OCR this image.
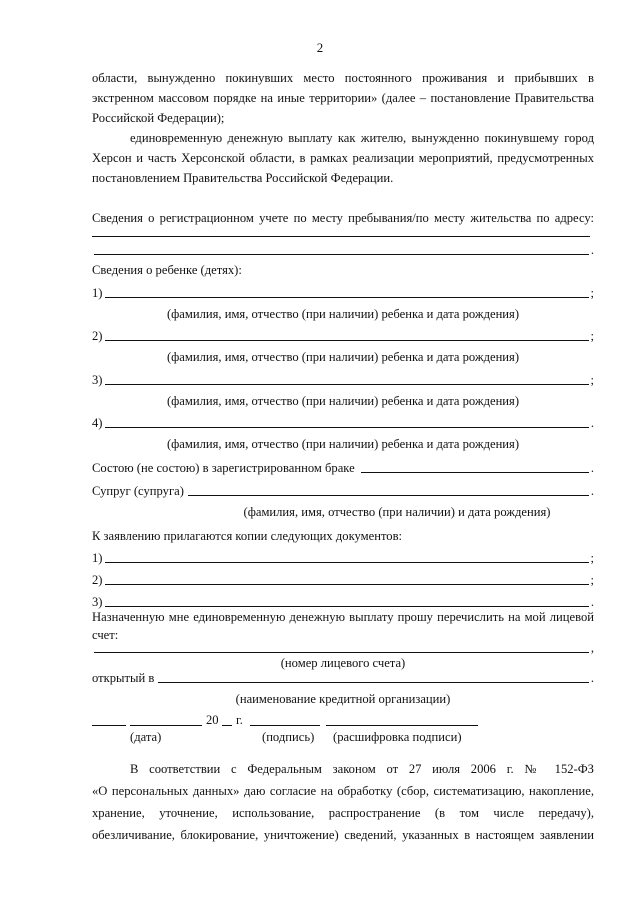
2
области, вынужденно покинувших место постоянного проживания и прибывших в
экстренном массовом порядке на иные территории» (далее – постановление Правительства
Российской Федерации);
единовременную денежную выплату как жителю, вынужденно покинувшему город
Херсон и часть Херсонской области, в рамках реализации мероприятий, предусмотренных
постановлением Правительства Российской Федерации.
Сведения о регистрационном учете по месту пребывания/по месту жительства по адресу:
.
Сведения о ребенке (детях):
1)	;
(фамилия, имя, отчество (при наличии) ребенка и дата рождения)
2)	;
(фамилия, имя, отчество (при наличии) ребенка и дата рождения)
3)	;
(фамилия, имя, отчество (при наличии) ребенка и дата рождения)
4)	.
(фамилия, имя, отчество (при наличии) ребенка и дата рождения)
Состою (не состою) в зарегистрированном браке	.
Супруг (супруга)	.
(фамилия, имя, отчество (при наличии) и дата рождения)
К заявлению прилагаются копии следующих документов:
1)	;
2)	;
3)	.
Назначенную мне единовременную денежную выплату прошу перечислить на мой лицевой
счет:
,
(номер лицевого счета)
открытый в	.
(наименование кредитной организации)
20 г.
(дата)	(подпись) (расшифровка подписи)
В соответствии с Федеральным законом от 27 июля 2006 г. № 152-ФЗ
«О персональных данных» даю согласие на обработку (сбор, систематизацию, накопление,
хранение, уточнение, использование, распространение (в том числе передачу),
обезличивание, блокирование, уничтожение) сведений, указанных в настоящем заявлении
